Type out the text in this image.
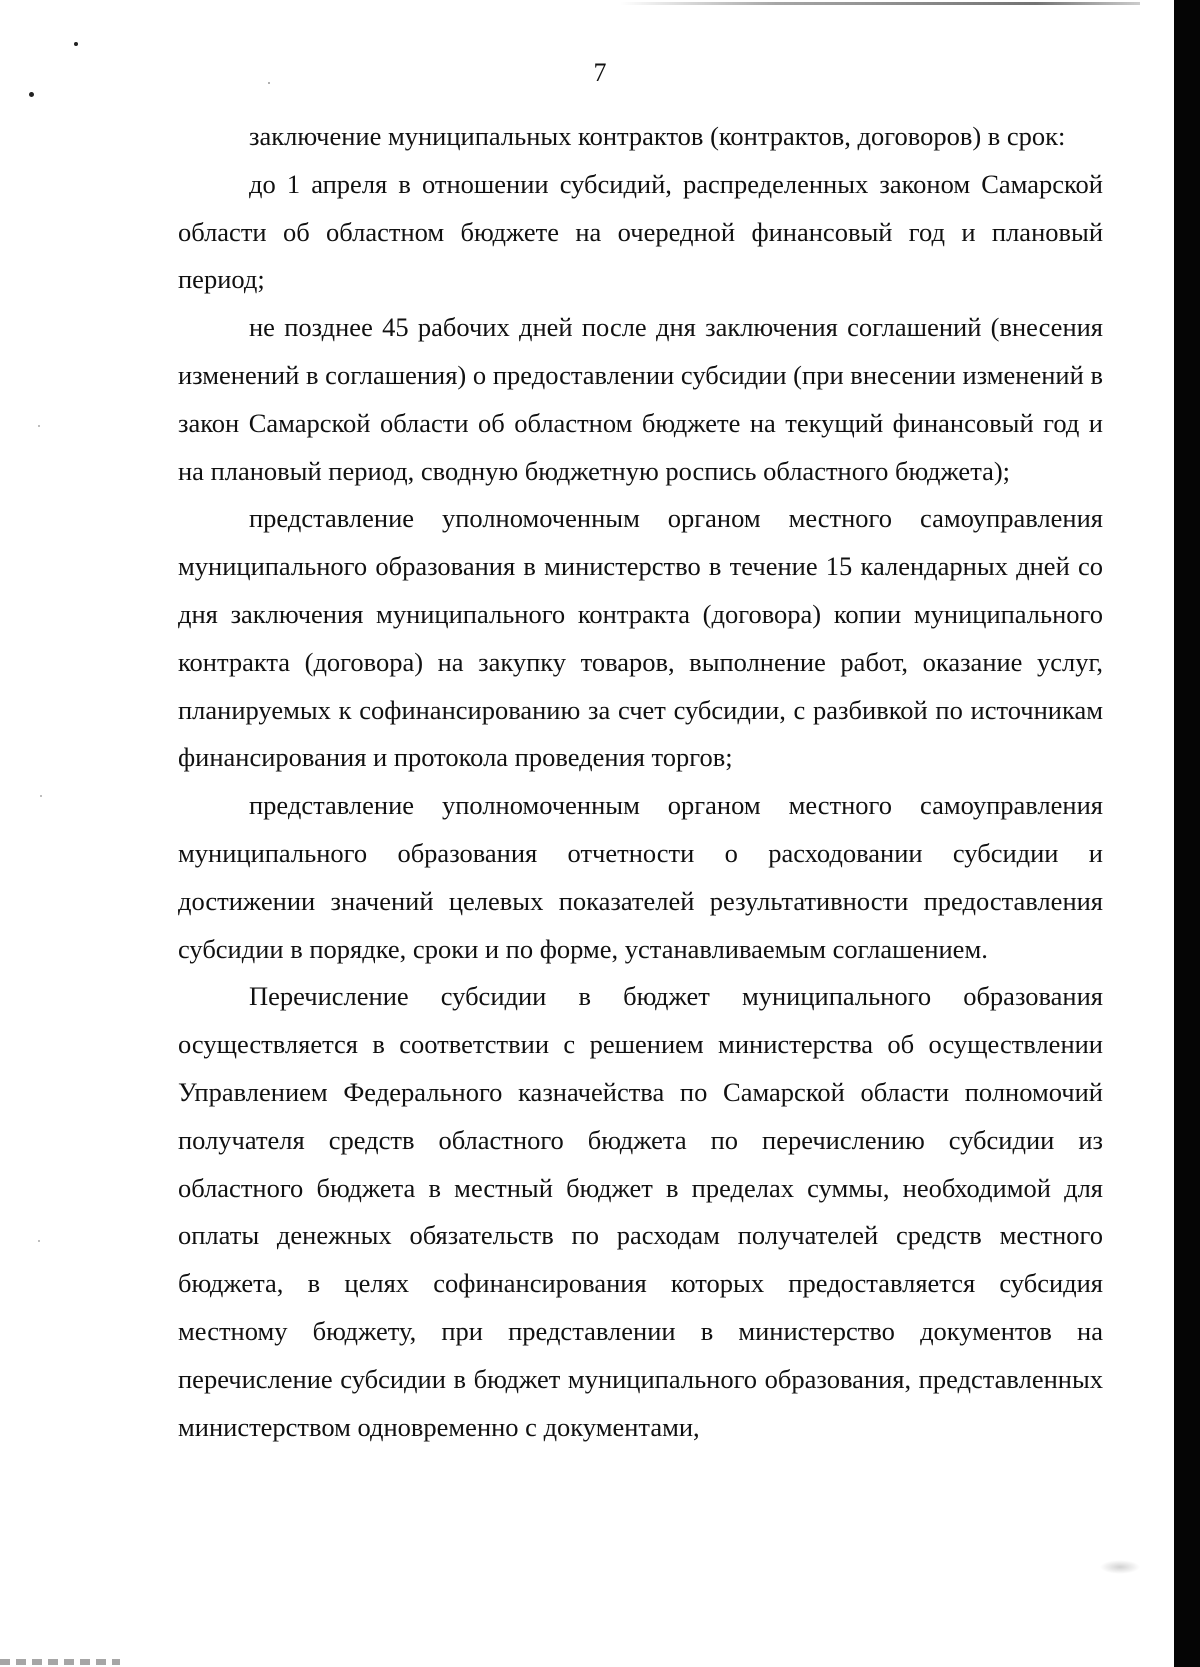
7

заключение муниципальных контрактов (контрактов, договоров) в срок:

до 1 апреля в отношении субсидий, распределенных законом Самарской области об областном бюджете на очередной финансовый год и плановый период;

не позднее 45 рабочих дней после дня заключения соглашений (внесения изменений в соглашения) о предоставлении субсидии (при внесении изменений в закон Самарской области об областном бюджете на текущий финансовый год и на плановый период, сводную бюджетную роспись областного бюджета);

представление уполномоченным органом местного самоуправления муниципального образования в министерство в течение 15 календарных дней со дня заключения муниципального контракта (договора) копии муниципального контракта (договора) на закупку товаров, выполнение работ, оказание услуг, планируемых к софинансированию за счет субсидии, с разбивкой по источникам финансирования и протокола проведения торгов;

представление уполномоченным органом местного самоуправления муниципального образования отчетности о расходовании субсидии и достижении значений целевых показателей результативности предоставления субсидии в порядке, сроки и по форме, устанавливаемым соглашением.

Перечисление субсидии в бюджет муниципального образования осуществляется в соответствии с решением министерства об осуществлении Управлением Федерального казначейства по Самарской области полномочий получателя средств областного бюджета по перечислению субсидии из областного бюджета в местный бюджет в пределах суммы, необходимой для оплаты денежных обязательств по расходам получателей средств местного бюджета, в целях софинансирования которых предоставляется субсидия местному бюджету, при представлении в министерство документов на перечисление субсидии в бюджет муниципального образования, представленных министерством одновременно с документами,
